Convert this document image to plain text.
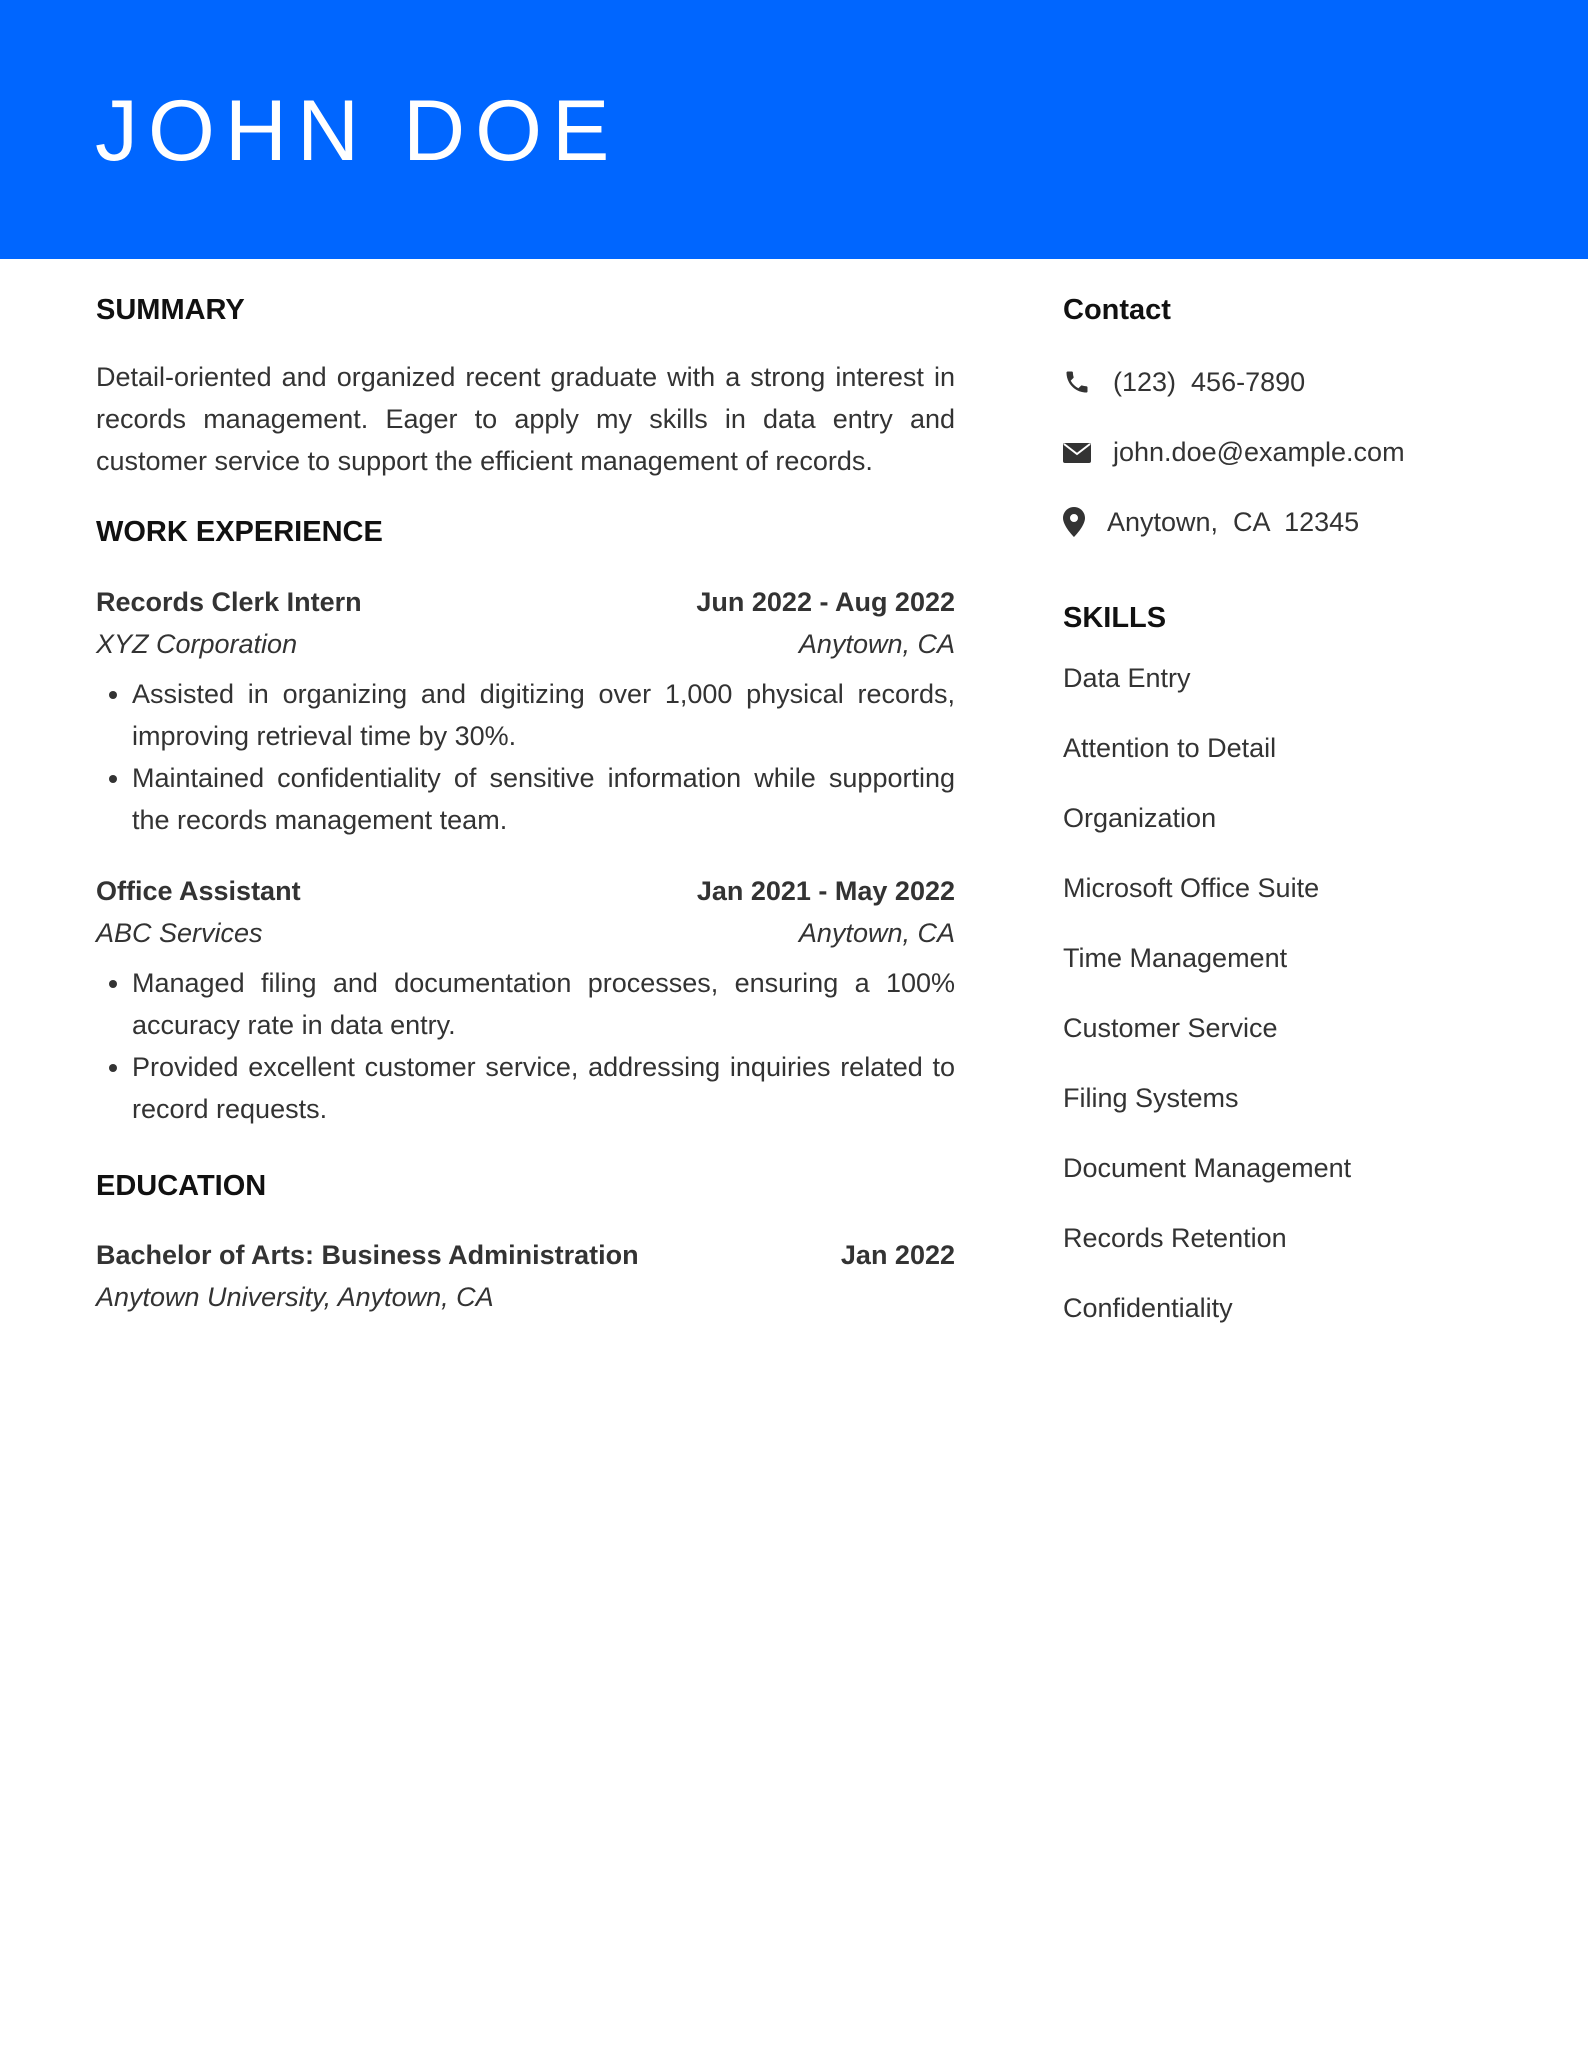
JOHN DOE
SUMMARY
Detail-oriented and organized recent graduate with a strong interest in records management. Eager to apply my skills in data entry and customer service to support the efficient management of records.
WORK EXPERIENCE
Records Clerk Intern	Jun 2022 - Aug 2022
XYZ Corporation	Anytown, CA
• Assisted in organizing and digitizing over 1,000 physical records, improving retrieval time by 30%.
• Maintained confidentiality of sensitive information while supporting the records management team.
Office Assistant	Jan 2021 - May 2022
ABC Services	Anytown, CA
• Managed filing and documentation processes, ensuring a 100% accuracy rate in data entry.
• Provided excellent customer service, addressing inquiries related to record requests.
EDUCATION
Bachelor of Arts: Business Administration	Jan 2022
Anytown University, Anytown, CA
Contact
(123)  456-7890
john.doe@example.com
Anytown,  CA  12345
SKILLS
Data Entry
Attention to Detail
Organization
Microsoft Office Suite
Time Management
Customer Service
Filing Systems
Document Management
Records Retention
Confidentiality
